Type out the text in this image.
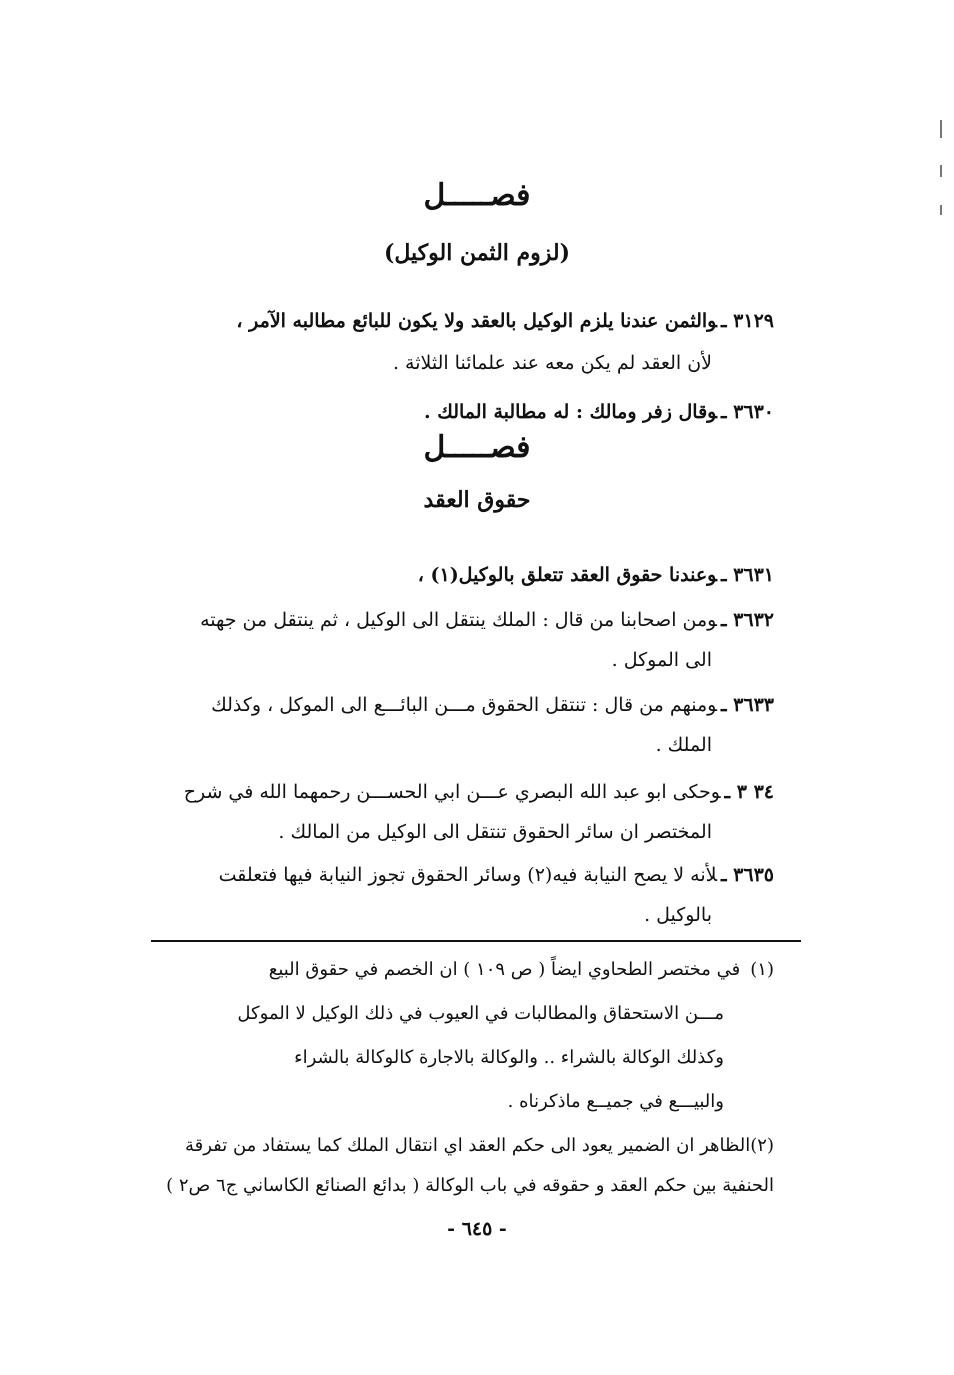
فصـــــل
(لزوم الثمن الوكيل)
٣١٢٩ ـوالثمن عندنا يلزم الوكيل بالعقد ولا يكون للبائع مطالبه الآمر ،
لأن العقد لم يكن معه عند علمائنا الثلاثة .
٣٦٣٠ ـوقال زفر ومالك : له مطالبة المالك .
فصـــــل
حقوق العقد
٣٦٣١ ـوعندنا حقوق العقد تتعلق بالوكيل(١) ،
٣٦٣٢ ـومن اصحابنا من قال : الملك ينتقل الى الوكيل ، ثم ينتقل من جهته
الى الموكل .
٣٦٣٣ ـومنهم من قال : تنتقل الحقوق مـــن البائـــع الى الموكل ، وكذلك
الملك .
٣٤ ٣ ـوحكى ابو عبد الله البصري عـــن ابي الحســـن رحمهما الله في شرح
المختصر ان سائر الحقوق تنتقل الى الوكيل من المالك .
٣٦٣٥ ـلأنه لا يصح النيابة فيه(٢) وسائر الحقوق تجوز النيابة فيها فتعلقت
بالوكيل .
(١)في مختصر الطحاوي ايضاً ( ص ١٠٩ ) ان الخصم في حقوق البيع
مـــن الاستحقاق والمطالبات في العيوب في ذلك الوكيل لا الموكل
وكذلك الوكالة بالشراء .. والوكالة بالاجارة كالوكالة بالشراء
والبيـــع في جميــع ماذكرناه .
(٢)الظاهر ان الضمير يعود الى حكم العقد اي انتقال الملك كما يستفاد من تفرقة
الحنفية بين حكم العقد و حقوقه في باب الوكالة ( بدائع الصنائع الكاساني ج٦ ص٢ )
- ٦٤٥ -
